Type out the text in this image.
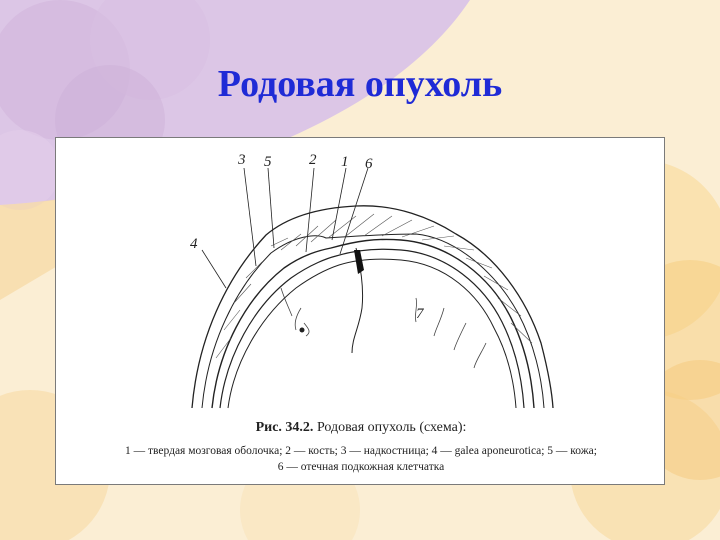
Родовая опухоль
3 5	2 1 6
4
7
Рис. 34.2. Родовая опухоль (схема):
1 — твердая мозговая оболочка; 2 — кость; 3 — надкостница; 4 — galea aponeurotica; 5 — кожа;
6 — отечная подкожная клетчатка
